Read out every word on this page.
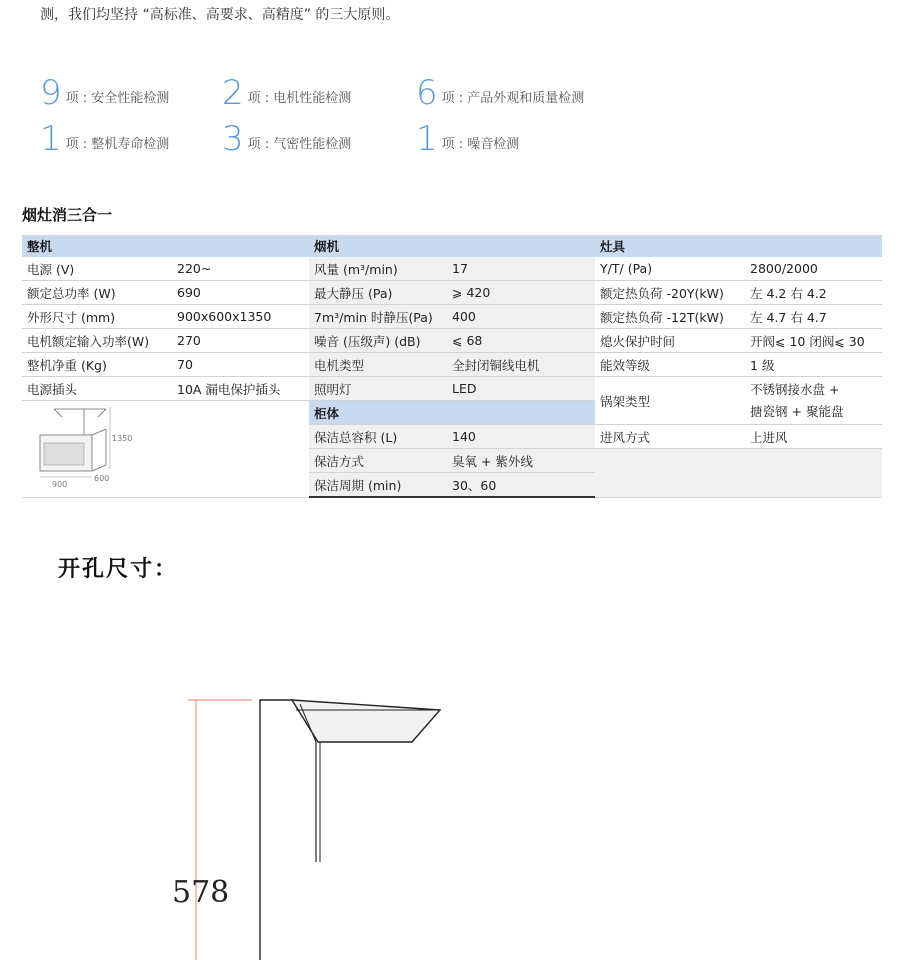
测，我们均坚持 “高标准、高要求、高精度” 的三大原则。
9 项 : 安全性能检测 2 项 : 电机性能检测 6 项 : 产品外观和质量检测
1 项 : 整机寿命检测 3 项 : 气密性能检测 1 项 : 噪音检测
烟灶消三合一
整机		烟机		灶具	
电源 (V)	220~	风量 (m³/min)	17	Y/T/ (Pa)	2800/2000
额定总功率 (W)	690	最大静压 (Pa)	⩾ 420	额定热负荷 -20Y(kW)	左 4.2 右 4.2
外形尺寸 (mm)	900x600x1350	7m³/min 时静压(Pa)	400	额定热负荷 -12T(kW)	左 4.7 右 4.7
电机额定输入功率(W)	270	噪音 (压级声) (dB)	⩽ 68	熄火保护时间	开阀⩽ 10 闭阀⩽ 30
整机净重 (Kg)	70	电机类型	全封闭铜线电机	能效等级	1 级
电源插头	10A 漏电保护插头	照明灯	LED	锅架类型	不锈钢接水盘 +
搪瓷钢 + 聚能盘

1350
900
600		柜体			
		保洁总容积 (L)	140	进风方式	上进风
		保洁方式	臭氧 + 紫外线		
		保洁周期 (min)	30、60		
开孔尺寸：
578
